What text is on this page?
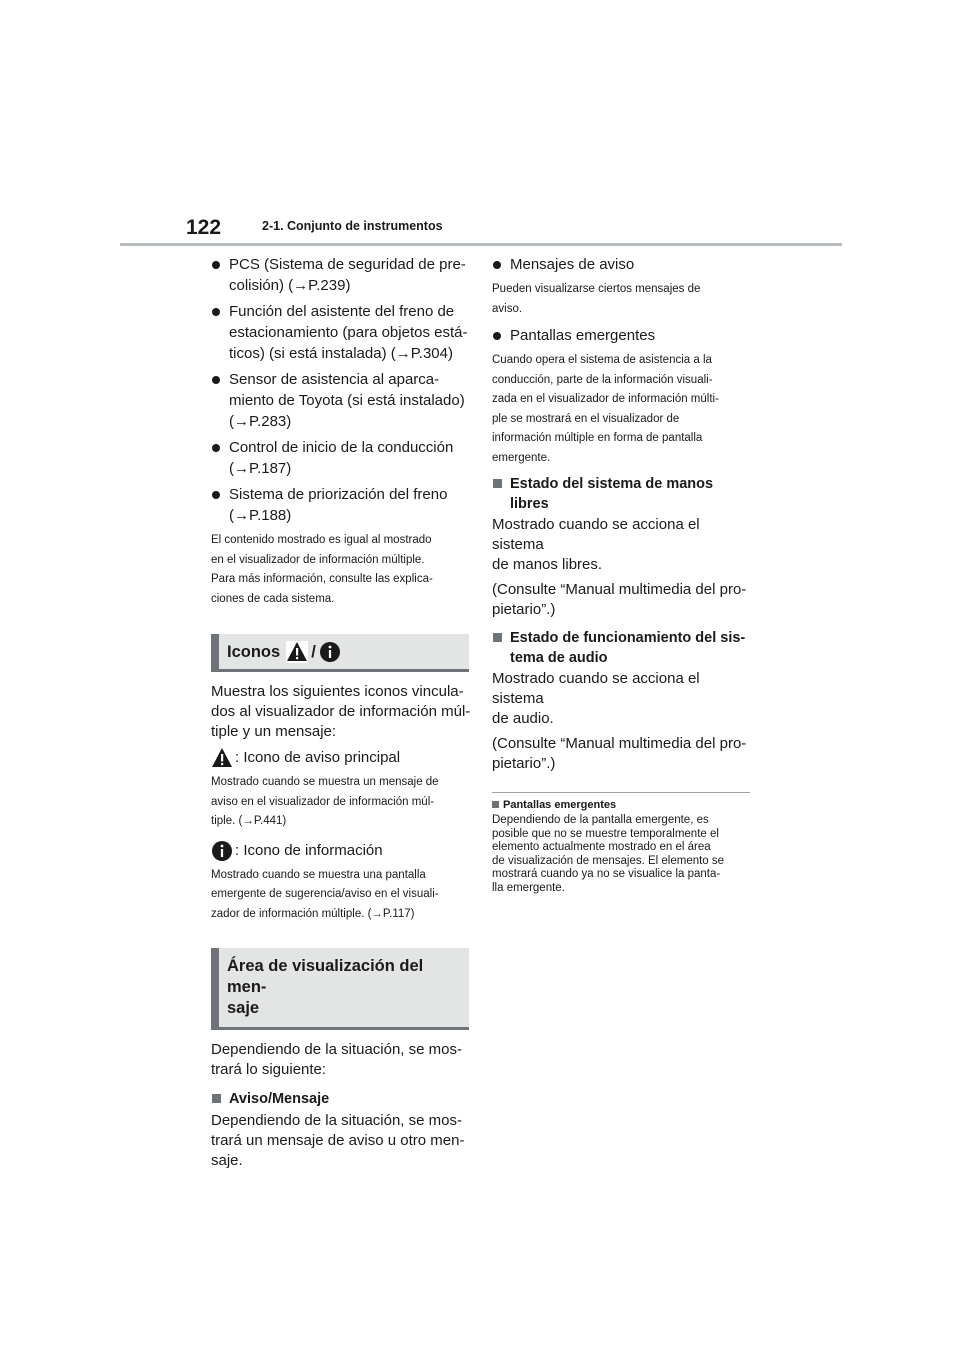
122	2-1. Conjunto de instrumentos
PCS (Sistema de seguridad de pre-
colisión) (→P.239)
Función del asistente del freno de
estacionamiento (para objetos está-
ticos) (si está instalada) (→P.304)
Sensor de asistencia al aparca-
miento de Toyota (si está instalado)
(→P.283)
Control de inicio de la conducción
(→P.187)
Sistema de priorización del freno
(→P.188)
El contenido mostrado es igual al mostrado
en el visualizador de información múltiple.
Para más información, consulte las explica-
ciones de cada sistema.
Iconos /
Muestra los siguientes iconos vincula-
dos al visualizador de información múl-
tiple y un mensaje:
: Icono de aviso principal
Mostrado cuando se muestra un mensaje de
aviso en el visualizador de información múl-
tiple. (→P.441)
: Icono de información
Mostrado cuando se muestra una pantalla
emergente de sugerencia/aviso en el visuali-
zador de información múltiple. (→P.117)
Área de visualización del men-
saje
Dependiendo de la situación, se mos-
trará lo siguiente:
Aviso/Mensaje
Dependiendo de la situación, se mos-
trará un mensaje de aviso u otro men-
saje.
Mensajes de aviso
Pueden visualizarse ciertos mensajes de
aviso.
Pantallas emergentes
Cuando opera el sistema de asistencia a la
conducción, parte de la información visuali-
zada en el visualizador de información múlti-
ple se mostrará en el visualizador de
información múltiple en forma de pantalla
emergente.
Estado del sistema de manos
libres
Mostrado cuando se acciona el sistema
de manos libres.
(Consulte “Manual multimedia del pro-
pietario”.)
Estado de funcionamiento del sis-
tema de audio
Mostrado cuando se acciona el sistema
de audio.
(Consulte “Manual multimedia del pro-
pietario”.)
Pantallas emergentes
Dependiendo de la pantalla emergente, es
posible que no se muestre temporalmente el
elemento actualmente mostrado en el área
de visualización de mensajes. El elemento se
mostrará cuando ya no se visualice la panta-
lla emergente.
